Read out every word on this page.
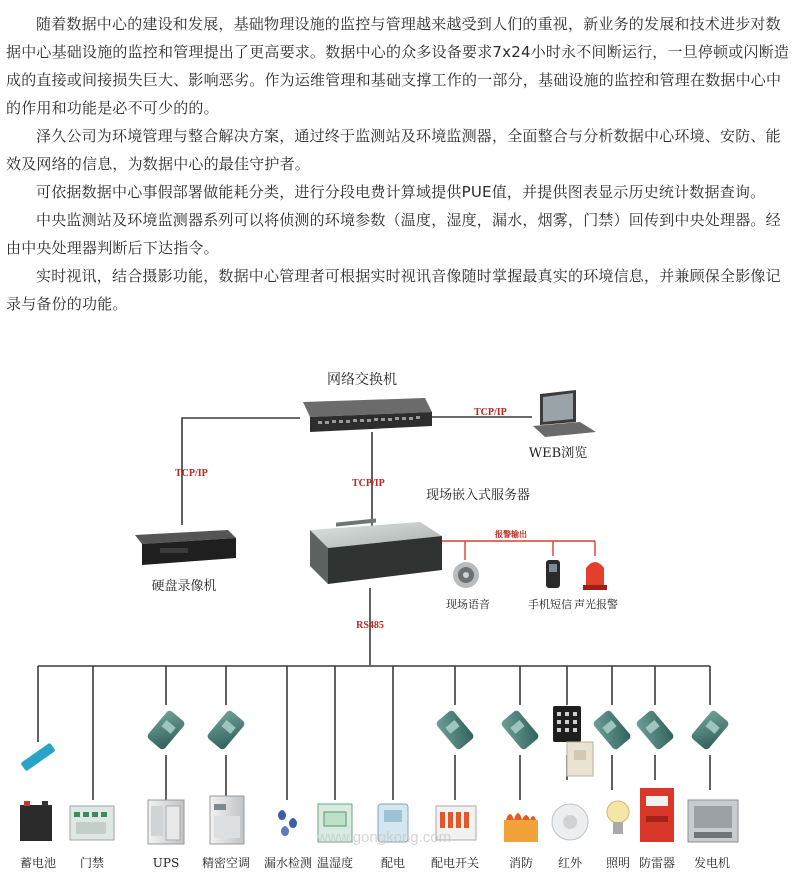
随着数据中心的建设和发展，基础物理设施的监控与管理越来越受到人们的重视，新业务的发展和技术进步对数据中心基础设施的监控和管理提出了更高要求。数据中心的众多设备要求7x24小时永不间断运行，一旦停顿或闪断造成的直接或间接损失巨大、影响恶劣。作为运维管理和基础支撑工作的一部分，基础设施的监控和管理在数据中心中的作用和功能是必不可少的的。

泽久公司为环境管理与整合解决方案，通过终于监测站及环境监测器，全面整合与分析数据中心环境、安防、能效及网络的信息，为数据中心的最佳守护者。

可依据数据中心事假部署做能耗分类，进行分段电费计算域提供PUE值，并提供图表显示历史统计数据查询。

中央监测站及环境监测器系列可以将侦测的环境参数（温度，湿度，漏水，烟雾，门禁）回传到中央处理器。经由中央处理器判断后下达指令。

实时视讯，结合摄影功能，数据中心管理者可根据实时视讯音像随时掌握最真实的环境信息，并兼顾保全影像记录与备份的功能。

网络交换机
WEB浏览
TCP/IP
TCP/IP
TCP/IP
现场嵌入式服务器
硬盘录像机
报警输出
现场语音	手机短信 声光报警
RS485
www.gongkong.com
蓄电池 门禁	UPS 精密空调 漏水检测 温湿度 配电 配电开关 消防 红外 照明 防雷器 发电机
